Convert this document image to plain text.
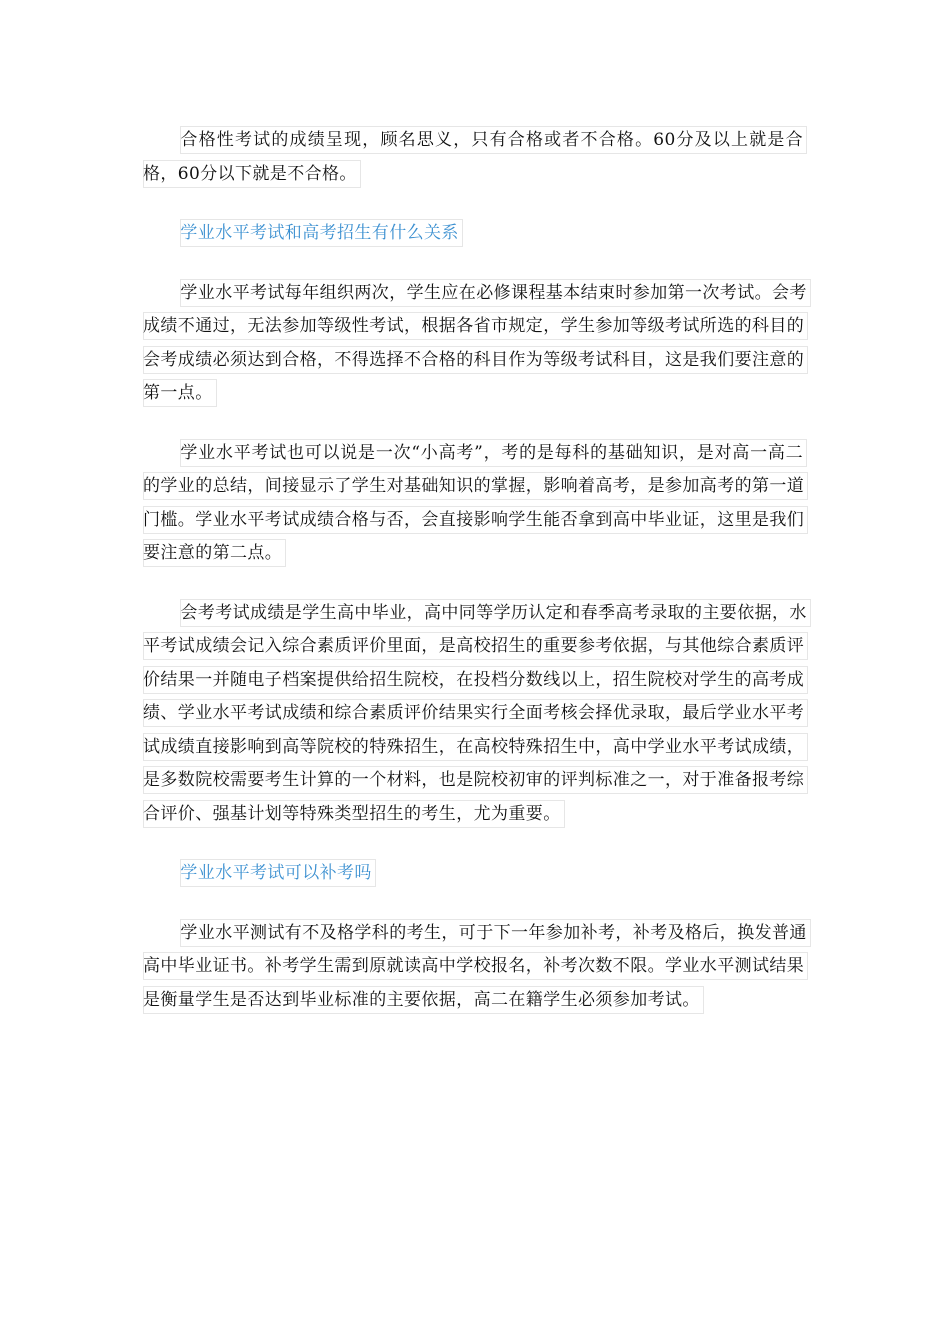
合格性考试的成绩呈现，顾名思义，只有合格或者不合格。60分及以上就是合格，60分以下就是不合格。

学业水平考试和高考招生有什么关系

学业水平考试每年组织两次，学生应在必修课程基本结束时参加第一次考试。会考成绩不通过，无法参加等级性考试，根据各省市规定，学生参加等级考试所选的科目的会考成绩必须达到合格，不得选择不合格的科目作为等级考试科目，这是我们要注意的第一点。

学业水平考试也可以说是一次“小高考”，考的是每科的基础知识，是对高一高二的学业的总结，间接显示了学生对基础知识的掌握，影响着高考，是参加高考的第一道门槛。学业水平考试成绩合格与否，会直接影响学生能否拿到高中毕业证，这里是我们要注意的第二点。

会考考试成绩是学生高中毕业，高中同等学历认定和春季高考录取的主要依据，水平考试成绩会记入综合素质评价里面，是高校招生的重要参考依据，与其他综合素质评价结果一并随电子档案提供给招生院校，在投档分数线以上，招生院校对学生的高考成绩、学业水平考试成绩和综合素质评价结果实行全面考核会择优录取，最后学业水平考试成绩直接影响到高等院校的特殊招生，在高校特殊招生中，高中学业水平考试成绩，是多数院校需要考生计算的一个材料，也是院校初审的评判标准之一，对于准备报考综合评价、强基计划等特殊类型招生的考生，尤为重要。

学业水平考试可以补考吗

学业水平测试有不及格学科的考生，可于下一年参加补考，补考及格后，换发普通高中毕业证书。补考学生需到原就读高中学校报名，补考次数不限。学业水平测试结果是衡量学生是否达到毕业标准的主要依据，高二在籍学生必须参加考试。
